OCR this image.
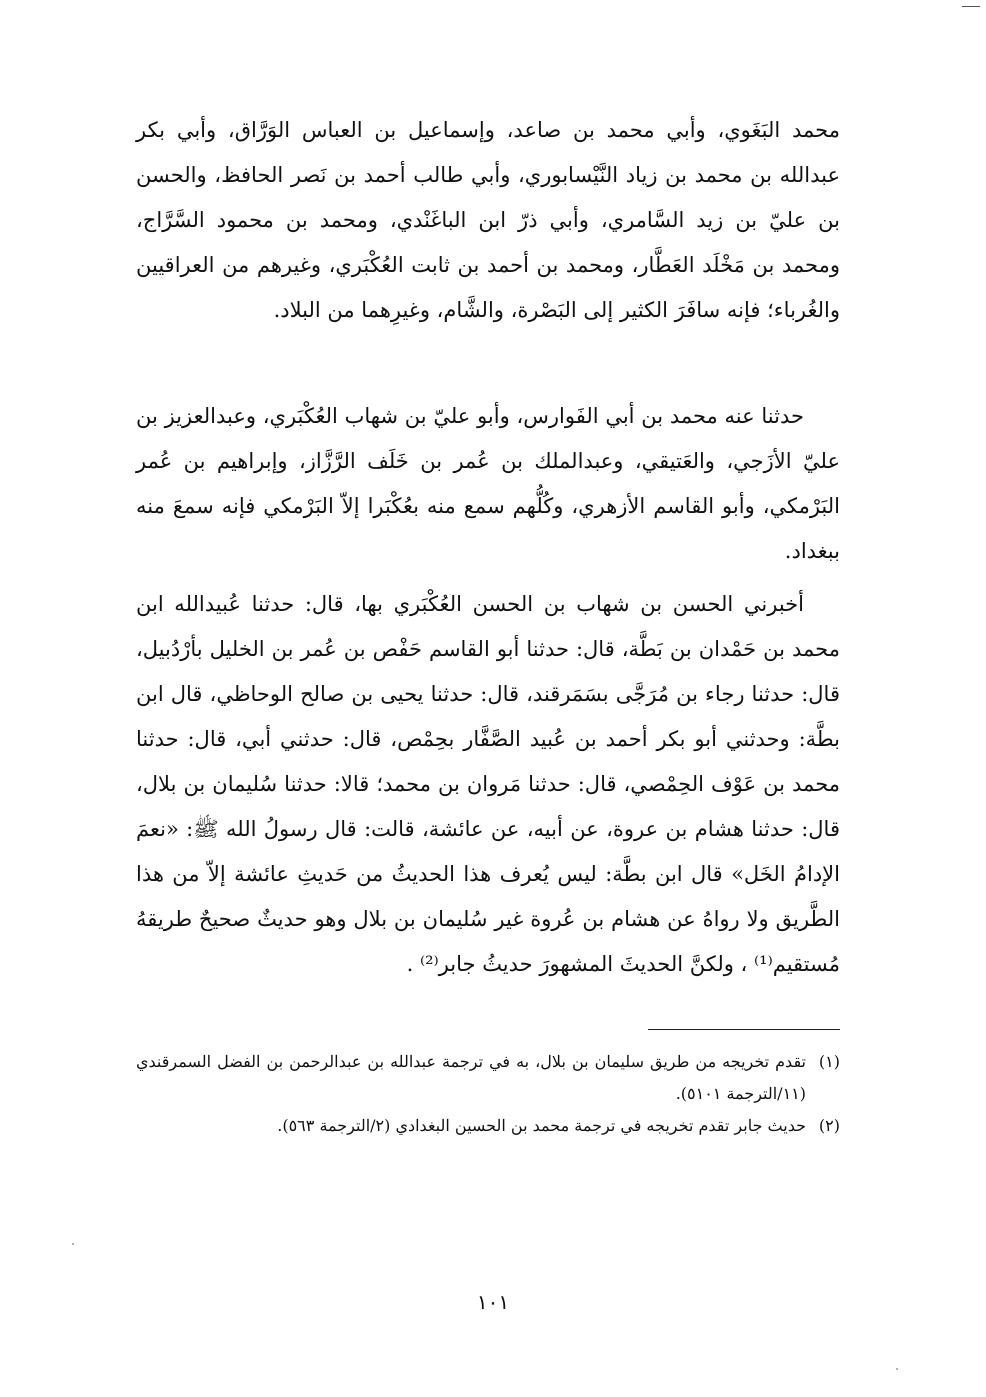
محمد البَغَوي، وأبي محمد بن صاعد، وإسماعيل بن العباس الوَرَّاق، وأبي بكر عبدالله بن محمد بن زياد النَّيْسابوري، وأبي طالب أحمد بن نَصر الحافظ، والحسن بن عليّ بن زيد السَّامري، وأبي ذرّ ابن الباغَنْدي، ومحمد بن محمود السَّرَّاج، ومحمد بن مَخْلَد العَطَّار، ومحمد بن أحمد بن ثابت العُكْبَري، وغيرهم من العراقيين والغُرباء؛ فإنه سافَرَ الكثير إلى البَصْرة، والشَّام، وغيرِهما من البلاد.

حدثنا عنه محمد بن أبي الفَوارس، وأبو عليّ بن شهاب العُكْبَري، وعبدالعزيز بن عليّ الأزَجي، والعَتيقي، وعبدالملك بن عُمر بن خَلَف الرَّزَّاز، وإبراهيم بن عُمر البَرْمكي، وأبو القاسم الأزهري، وكُلُّهم سمع منه بعُكْبَرا إلاّ البَرْمكي فإنه سمعَ منه ببغداد.

أخبرني الحسن بن شهاب بن الحسن العُكْبَري بها، قال: حدثنا عُبيدالله ابن محمد بن حَمْدان بن بَطَّة، قال: حدثنا أبو القاسم حَفْص بن عُمر بن الخليل بأرْدُبيل، قال: حدثنا رجاء بن مُرَجَّى بسَمَرقند، قال: حدثنا يحيى بن صالح الوحاظي، قال ابن بطَّة: وحدثني أبو بكر أحمد بن عُبيد الصَّفَّار بحِمْص، قال: حدثني أبي، قال: حدثنا محمد بن عَوْف الحِمْصي، قال: حدثنا مَروان بن محمد؛ قالا: حدثنا سُليمان بن بلال، قال: حدثنا هشام بن عروة، عن أبيه، عن عائشة، قالت: قال رسولُ الله ﷺ: «نعمَ الإدامُ الخَل» قال ابن بطَّة: ليس يُعرف هذا الحديثُ من حَديثِ عائشة إلاّ من هذا الطَّريق ولا رواهُ عن هشام بن عُروة غير سُليمان بن بلال وهو حديثٌ صحيحٌ طريقهُ مُستقيم⁽¹⁾ ، ولكنَّ الحديثَ المشهورَ حديثُ جابر⁽²⁾ .

(١)
تقدم تخريجه من طريق سليمان بن بلال، به في ترجمة عبدالله بن عبدالرحمن بن الفضل السمرقندي (١١/الترجمة ٥١٠١).
(٢)
حديث جابر تقدم تخريجه في ترجمة محمد بن الحسين البغدادي (٢/الترجمة ٥٦٣).
١٠١
